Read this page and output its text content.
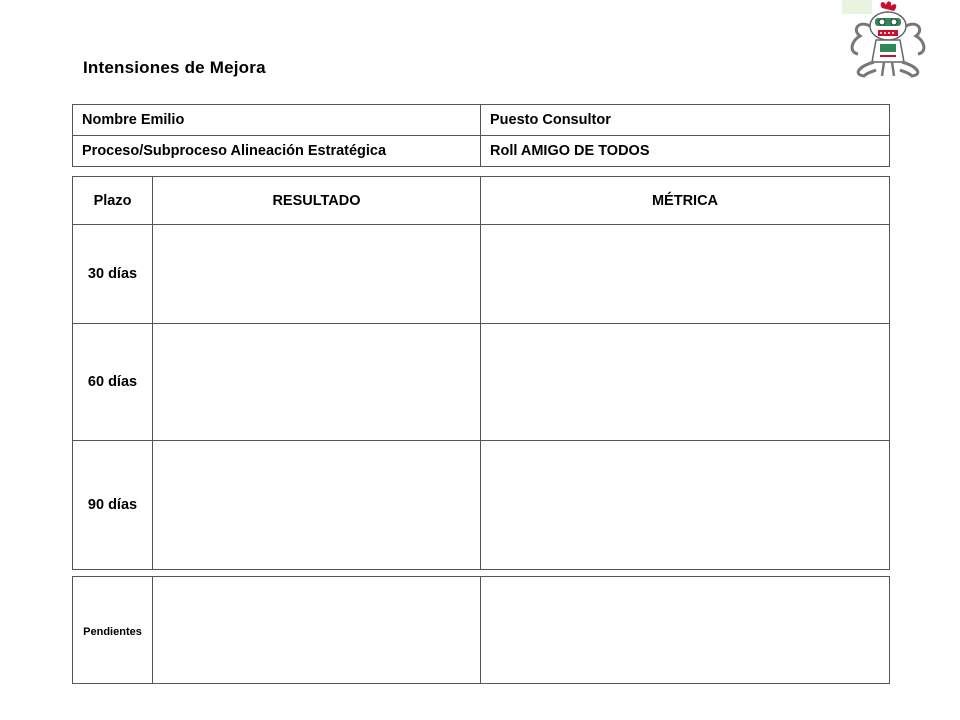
Intensiones de Mejora
Nombre Emilio	Puesto Consultor
Proceso/Subproceso Alineación Estratégica	Roll AMIGO DE TODOS
Plazo	RESULTADO	MÉTRICA
30 días		
60 días		
90 días		
Pendientes		
